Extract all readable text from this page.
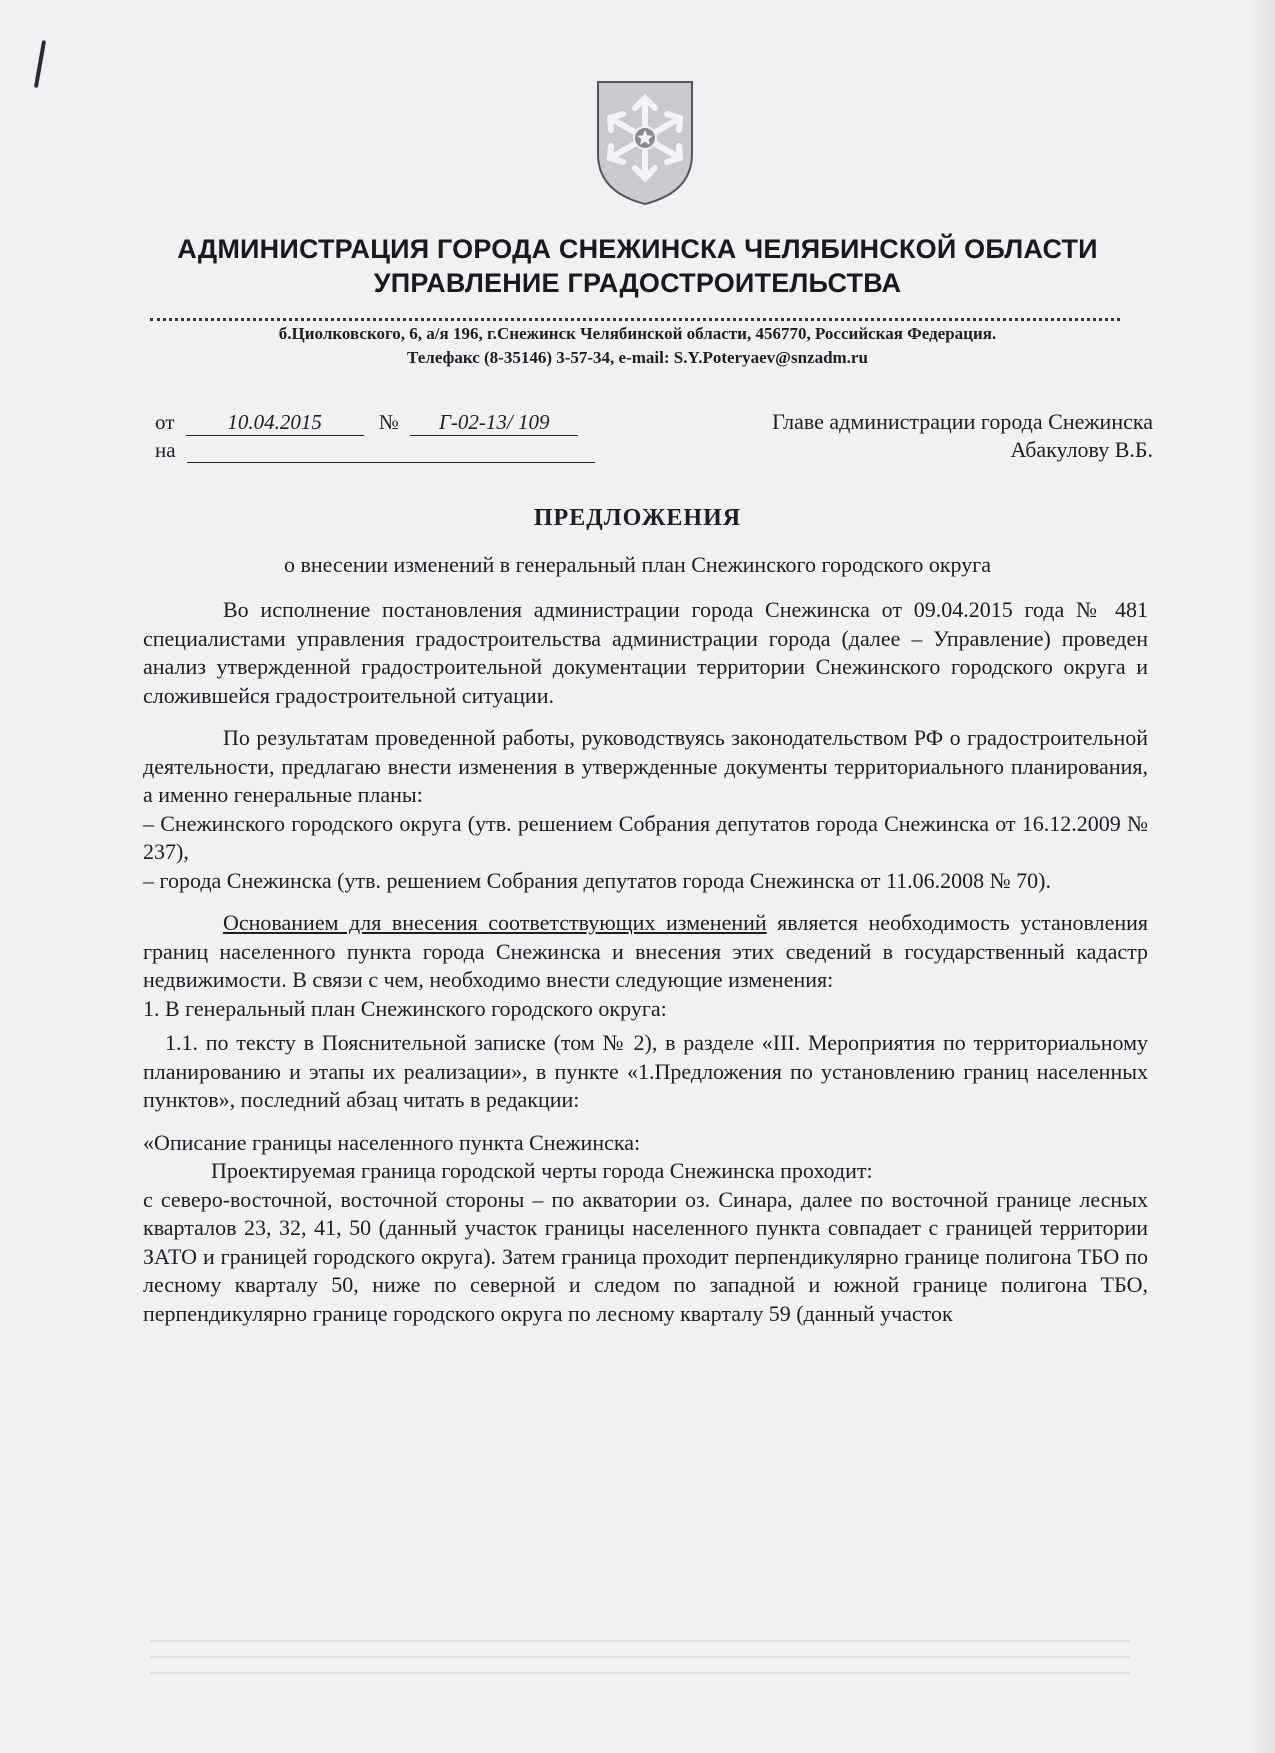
АДМИНИСТРАЦИЯ ГОРОДА СНЕЖИНСКА ЧЕЛЯБИНСКОЙ ОБЛАСТИ
УПРАВЛЕНИЕ ГРАДОСТРОИТЕЛЬСТВА
б.Циолковского, 6, а/я 196, г.Снежинск Челябинской области, 456770, Российская Федерация.
Телефакс (8-35146) 3-57-34, e-mail: S.Y.Poteryaev@snzadm.ru
от	10.04.2015	№ Г-02-13/ 109
на
Главе администрации города Снежинска
Абакулову В.Б.
ПРЕДЛОЖЕНИЯ
о внесении изменений в генеральный план Снежинского городского округа

Во исполнение постановления администрации города Снежинска от 09.04.2015 года № 481 специалистами управления градостроительства администрации города (далее – Управление) проведен анализ утвержденной градостроительной документации территории Снежинского городского округа и сложившейся градостроительной ситуации.

По результатам проведенной работы, руководствуясь законодательством РФ о градостроительной деятельности, предлагаю внести изменения в утвержденные документы территориального планирования, а именно генеральные планы:

– Снежинского городского округа (утв. решением Собрания депутатов города Снежинска от 16.12.2009 № 237),

– города Снежинска (утв. решением Собрания депутатов города Снежинска от 11.06.2008 № 70).

Основанием для внесения соответствующих изменений является необходимость установления границ населенного пункта города Снежинска и внесения этих сведений в государственный кадастр недвижимости. В связи с чем, необходимо внести следующие изменения:

1. В генеральный план Снежинского городского округа:

1.1. по тексту в Пояснительной записке (том № 2), в разделе «III. Мероприятия по территориальному планированию и этапы их реализации», в пункте «1.Предложения по установлению границ населенных пунктов», последний абзац читать в редакции:

«Описание границы населенного пункта Снежинска:

Проектируемая граница городской черты города Снежинска проходит:

с северо-восточной, восточной стороны – по акватории оз. Синара, далее по восточной границе лесных кварталов 23, 32, 41, 50 (данный участок границы населенного пункта совпадает с границей территории ЗАТО и границей городского округа). Затем граница проходит перпендикулярно границе полигона ТБО по лесному кварталу 50, ниже по северной и следом по западной и южной границе полигона ТБО, перпендикулярно границе городского округа по лесному кварталу 59 (данный участок
